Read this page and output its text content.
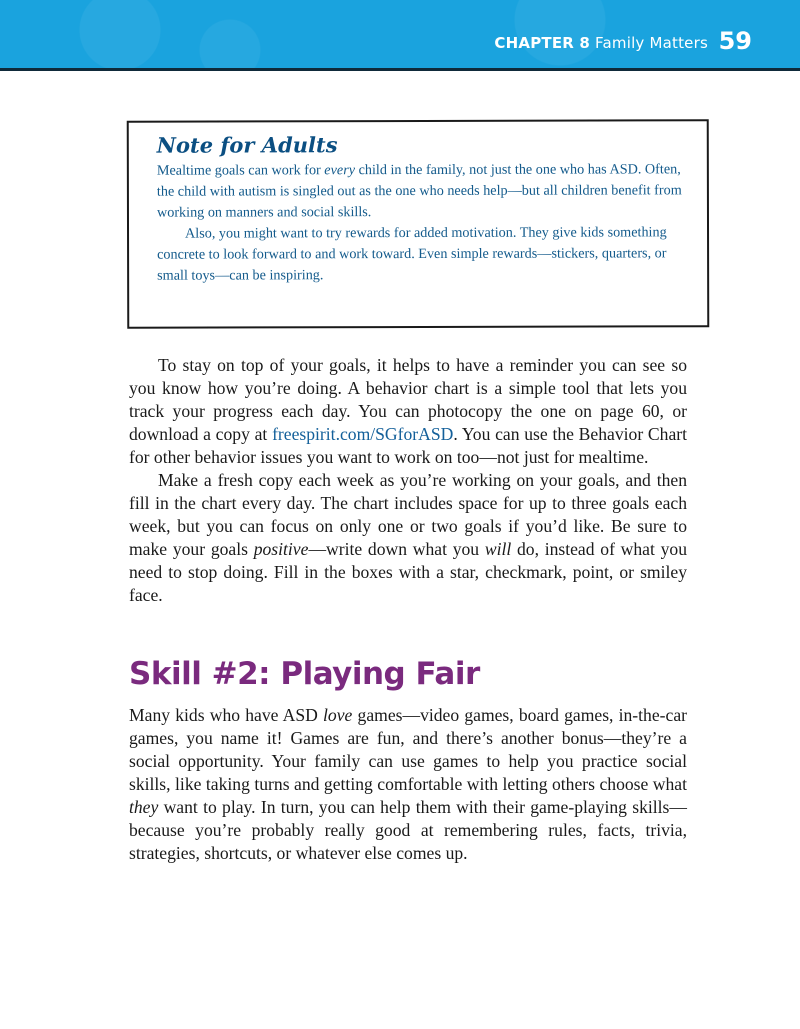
CHAPTER 8 Family Matters 59
Note for Adults

Mealtime goals can work for every child in the family, not just the one who has ASD. Often, the child with autism is singled out as the one who needs help—but all children benefit from working on manners and social skills.

Also, you might want to try rewards for added motivation. They give kids something concrete to look forward to and work toward. Even simple rewards—stickers, quarters, or small toys—can be inspiring.

To stay on top of your goals, it helps to have a reminder you can see so you know how you’re doing. A behavior chart is a simple tool that lets you track your progress each day. You can photocopy the one on page 60, or download a copy at freespirit.com/SGforASD. You can use the Behavior Chart for other behavior issues you want to work on too—not just for mealtime.

Make a fresh copy each week as you’re working on your goals, and then fill in the chart every day. The chart includes space for up to three goals each week, but you can focus on only one or two goals if you’d like. Be sure to make your goals positive—write down what you will do, instead of what you need to stop doing. Fill in the boxes with a star, checkmark, point, or smiley face.

Skill #2: Playing Fair

Many kids who have ASD love games—video games, board games, in-the-car games, you name it! Games are fun, and there’s another bonus—they’re a social opportunity. Your family can use games to help you practice social skills, like taking turns and getting comfortable with letting others choose what they want to play. In turn, you can help them with their game-playing skills—because you’re probably really good at remembering rules, facts, trivia, strategies, shortcuts, or whatever else comes up.
